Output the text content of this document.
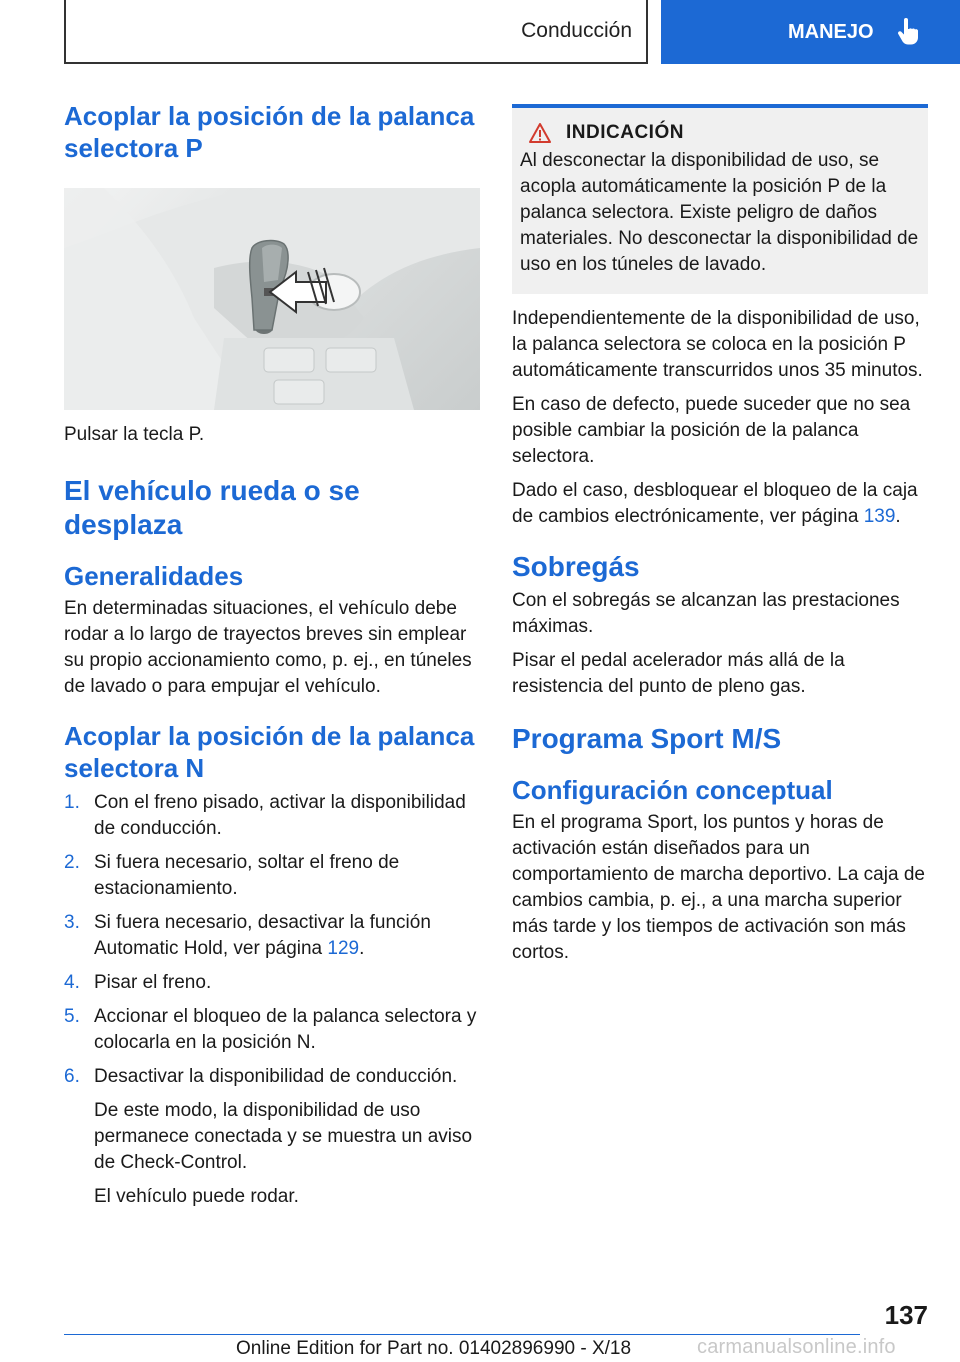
Conducción	MANEJO
Acoplar la posición de la palanca selectora P

Pulsar la tecla P.

El vehículo rueda o se desplaza
Generalidades

En determinadas situaciones, el vehículo debe rodar a lo largo de trayectos breves sin emplear su propio accionamiento como, p. ej., en túneles de lavado o para empujar el vehículo.

Acoplar la posición de la palanca selectora N
1. Con el freno pisado, activar la disponibilidad de conducción.
2. Si fuera necesario, soltar el freno de estacionamiento.
3. Si fuera necesario, desactivar la función Automatic Hold, ver página 129.
4. Pisar el freno.
5. Accionar el bloqueo de la palanca selectora y colocarla en la posición N.
6. Desactivar la disponibilidad de conducción.

De este modo, la disponibilidad de uso permanece conectada y se muestra un aviso de Check-Control.

El vehículo puede rodar.

INDICACIÓN

Al desconectar la disponibilidad de uso, se acopla automáticamente la posición P de la palanca selectora. Existe peligro de daños materiales. No desconectar la disponibilidad de uso en los túneles de lavado.

Independientemente de la disponibilidad de uso, la palanca selectora se coloca en la posición P automáticamente transcurridos unos 35 minutos.

En caso de defecto, puede suceder que no sea posible cambiar la posición de la palanca selectora.

Dado el caso, desbloquear el bloqueo de la caja de cambios electrónicamente, ver página 139.

Sobregás

Con el sobregás se alcanzan las prestaciones máximas.

Pisar el pedal acelerador más allá de la resistencia del punto de pleno gas.

Programa Sport M/S
Configuración conceptual

En el programa Sport, los puntos y horas de activación están diseñados para un comportamiento de marcha deportivo. La caja de cambios cambia, p. ej., a una marcha superior más tarde y los tiempos de activación son más cortos.

137
Online Edition for Part no. 01402896990 - X/18	carmanualsonline.info
